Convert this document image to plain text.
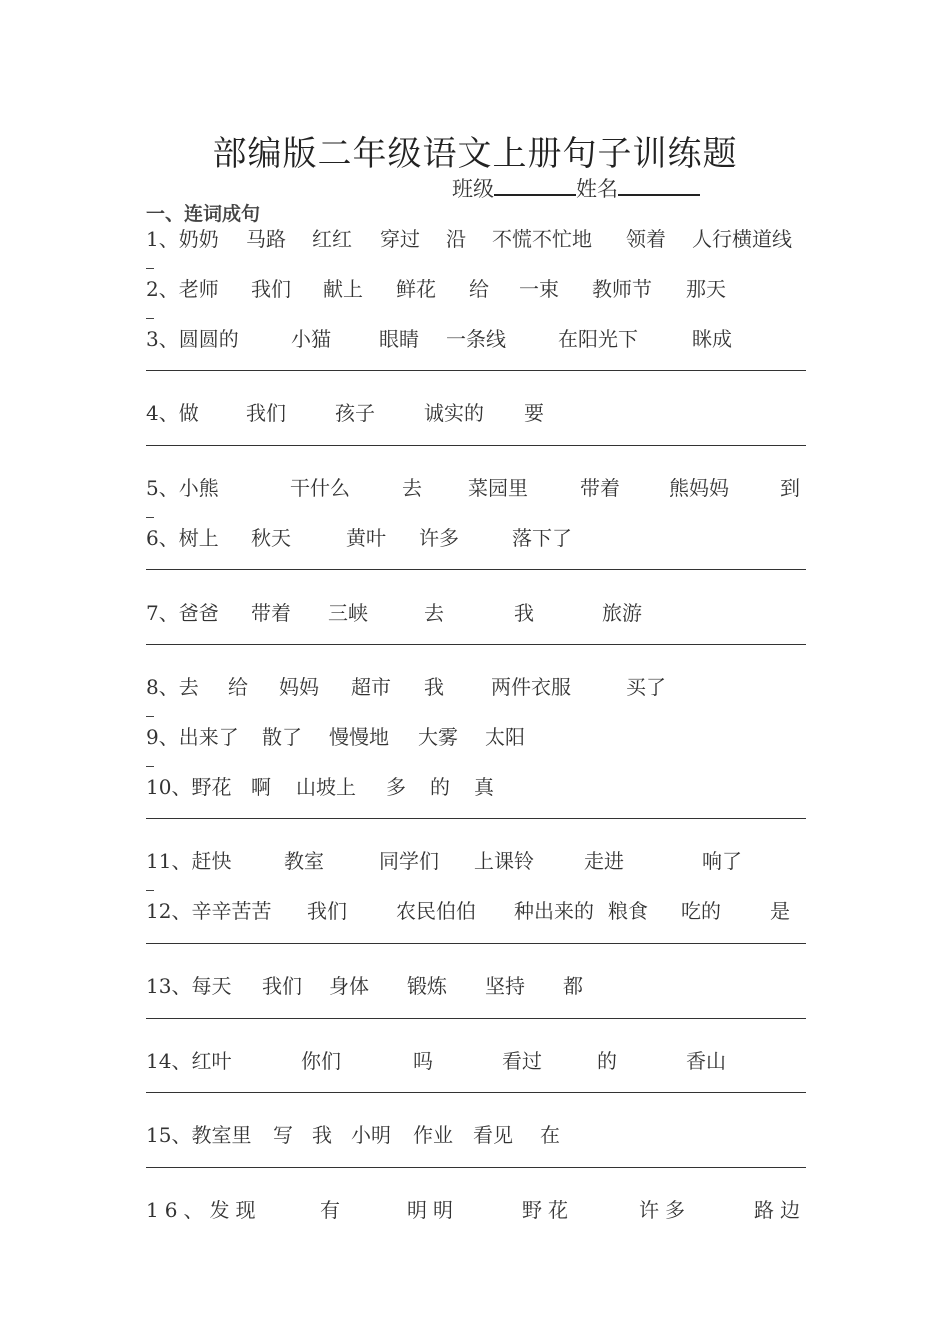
部编版二年级语文上册句子训练题
班级	姓名
一、连词成句
1、奶奶 马路 红红 穿过 沿 不慌不忙地 领着 人行横道线
2、老师 我们 献上 鲜花 给 一束 教师节 那天
3、圆圆的	小猫 眼睛 一条线	在阳光下	眯成
4、做 我们 孩子 诚实的 要
5、小熊	干什么	去 菜园里	带着 熊妈妈	到
6、树上 秋天	黄叶 许多	落下了
7、爸爸 带着 三峡	去	我	旅游
8、去 给 妈妈 超市 我 两件衣服	买了
9、出来了 散了 慢慢地 大雾 太阳
10、野花 啊 山坡上 多 的 真
11、赶快	教室	同学们 上课铃	走进	响了
12、辛辛苦苦 我们 农民伯伯 种出来的 粮食 吃的 是
13、每天 我们 身体 锻炼 坚持 都
14、红叶	你们	吗	看过	的	香山
15、教室里 写 我 小明 作业 看见 在
16、发现	有	明明	野花	许多	路边
